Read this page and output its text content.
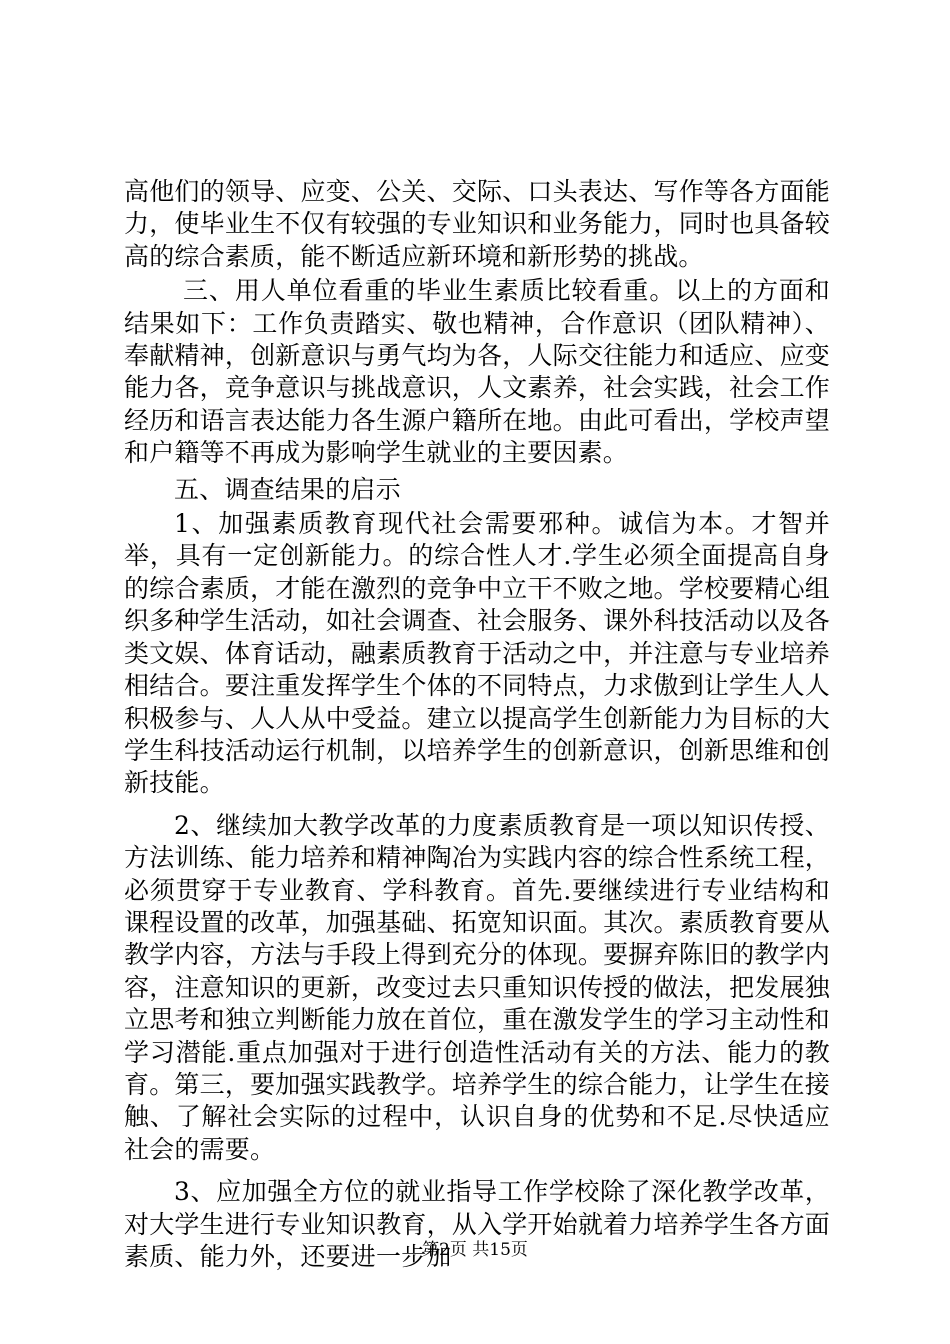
高他们的领导、应变、公关、交际、口头表达、写作等各方面能力，使毕业生不仅有较强的专业知识和业务能力，同时也具备较高的综合素质，能不断适应新环境和新形势的挑战。

三、用人单位看重的毕业生素质比较看重。以上的方面和结果如下：工作负责踏实、敬也精神，合作意识（团队精神）、奉献精神，创新意识与勇气均为各，人际交往能力和适应、应变能力各，竞争意识与挑战意识，人文素养，社会实践，社会工作经历和语言表达能力各生源户籍所在地。由此可看出，学校声望和户籍等不再成为影响学生就业的主要因素。

五、调查结果的启示

1、加强素质教育现代社会需要邪种。诚信为本。才智并举，具有一定创新能力。的综合性人才.学生必须全面提高自身的综合素质，才能在激烈的竞争中立干不败之地。学校要精心组织多种学生活动，如社会调查、社会服务、课外科技活动以及各类文娱、体育话动，融素质教育于活动之中，并注意与专业培养相结合。要注重发挥学生个体的不同特点，力求傲到让学生人人积极参与、人人从中受益。建立以提高学生创新能力为目标的大学生科技活动运行机制，以培养学生的创新意识，创新思维和创新技能。

2、继续加大教学改革的力度素质教育是一项以知识传授、方法训练、能力培养和精神陶冶为实践内容的综合性系统工程，必须贯穿于专业教育、学科教育。首先.要继续进行专业结构和课程设置的改革，加强基础、拓宽知识面。其次。素质教育要从教学内容，方法与手段上得到充分的体现。要摒弃陈旧的教学内容，注意知识的更新，改变过去只重知识传授的做法，把发展独立思考和独立判断能力放在首位，重在激发学生的学习主动性和学习潜能.重点加强对于进行创造性活动有关的方法、能力的教育。第三，要加强实践教学。培养学生的综合能力，让学生在接触、了解社会实际的过程中，认识自身的优势和不足.尽快适应社会的需要。

3、应加强全方位的就业指导工作学校除了深化教学改革，对大学生进行专业知识教育，从入学开始就着力培养学生各方面素质、能力外，还要进一步加

第2页 共15页
